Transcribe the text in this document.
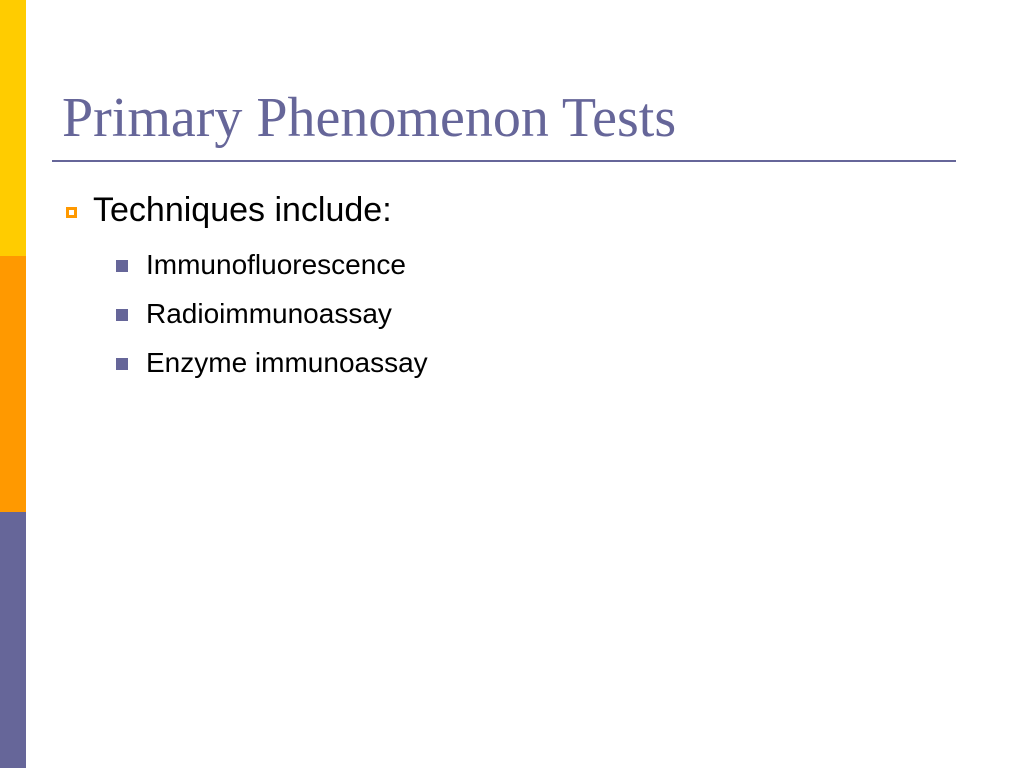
Primary Phenomenon Tests
Techniques include:
Immunofluorescence
Radioimmunoassay
Enzyme immunoassay
